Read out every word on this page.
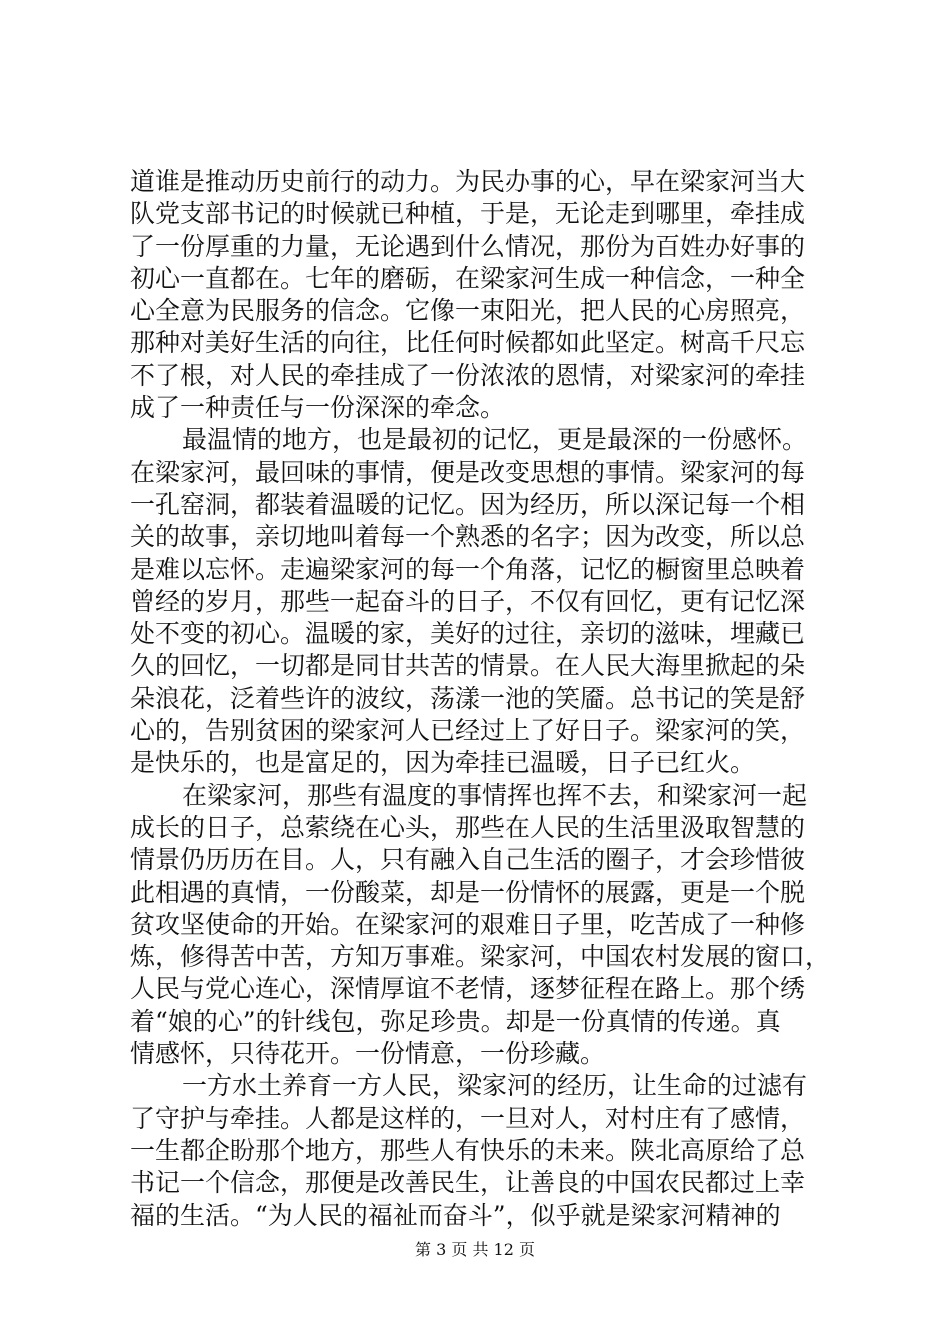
道谁是推动历史前行的动力。为民办事的心，早在梁家河当大
队党支部书记的时候就已种植，于是，无论走到哪里，牵挂成
了一份厚重的力量，无论遇到什么情况，那份为百姓办好事的
初心一直都在。七年的磨砺，在梁家河生成一种信念，一种全
心全意为民服务的信念。它像一束阳光，把人民的心房照亮，
那种对美好生活的向往，比任何时候都如此坚定。树高千尺忘
不了根，对人民的牵挂成了一份浓浓的恩情，对梁家河的牵挂
成了一种责任与一份深深的牵念。
最温情的地方，也是最初的记忆，更是最深的一份感怀。
在梁家河，最回味的事情，便是改变思想的事情。梁家河的每
一孔窑洞，都装着温暖的记忆。因为经历，所以深记每一个相
关的故事，亲切地叫着每一个熟悉的名字；因为改变，所以总
是难以忘怀。走遍梁家河的每一个角落，记忆的橱窗里总映着
曾经的岁月，那些一起奋斗的日子，不仅有回忆，更有记忆深
处不变的初心。温暖的家，美好的过往，亲切的滋味，埋藏已
久的回忆，一切都是同甘共苦的情景。在人民大海里掀起的朵
朵浪花，泛着些许的波纹，荡漾一池的笑靥。总书记的笑是舒
心的，告别贫困的梁家河人已经过上了好日子。梁家河的笑，
是快乐的，也是富足的，因为牵挂已温暖，日子已红火。
在梁家河，那些有温度的事情挥也挥不去，和梁家河一起
成长的日子，总萦绕在心头，那些在人民的生活里汲取智慧的
情景仍历历在目。人，只有融入自己生活的圈子，才会珍惜彼
此相遇的真情，一份酸菜，却是一份情怀的展露，更是一个脱
贫攻坚使命的开始。在梁家河的艰难日子里，吃苦成了一种修
炼，修得苦中苦，方知万事难。梁家河，中国农村发展的窗口，
人民与党心连心，深情厚谊不老情，逐梦征程在路上。那个绣
着“娘的心”的针线包，弥足珍贵。却是一份真情的传递。真
情感怀，只待花开。一份情意，一份珍藏。
一方水土养育一方人民，梁家河的经历，让生命的过滤有
了守护与牵挂。人都是这样的，一旦对人，对村庄有了感情，
一生都企盼那个地方，那些人有快乐的未来。陕北高原给了总
书记一个信念，那便是改善民生，让善良的中国农民都过上幸
福的生活。“为人民的福祉而奋斗”，似乎就是梁家河精神的
第 3 页 共 12 页
